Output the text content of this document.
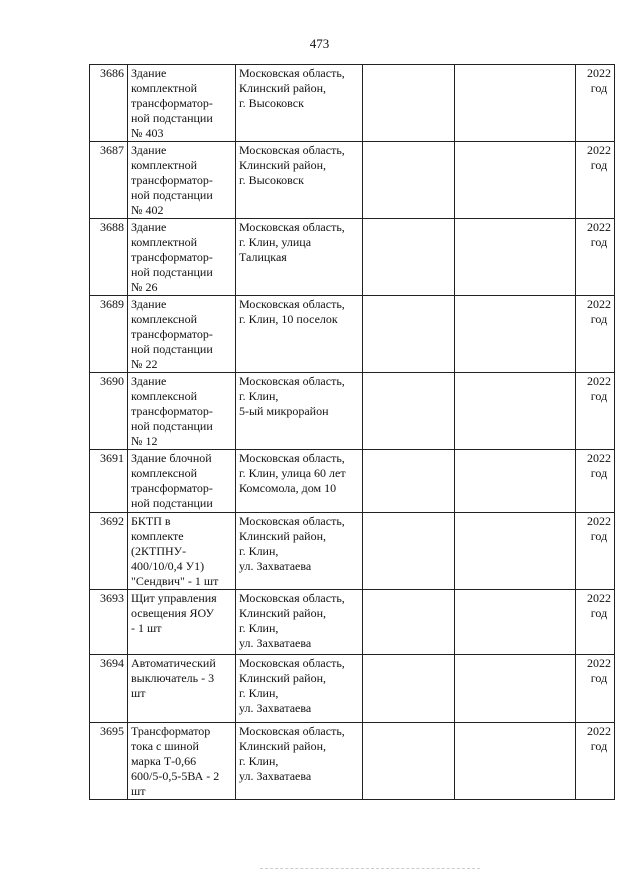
473
3686	Здание
комплектной
трансформатор-
ной подстанции
№ 403	Московская область,
Клинский район,
г. Высоковск			2022
год
3687	Здание
комплектной
трансформатор-
ной подстанции
№ 402	Московская область,
Клинский район,
г. Высоковск			2022
год
3688	Здание
комплектной
трансформатор-
ной подстанции
№ 26	Московская область,
г. Клин, улица
Талицкая			2022
год
3689	Здание
комплексной
трансформатор-
ной подстанции
№ 22	Московская область,
г. Клин, 10 поселок			2022
год
3690	Здание
комплексной
трансформатор-
ной подстанции
№ 12	Московская область,
г. Клин,
5-ый микрорайон			2022
год
3691	Здание блочной
комплексной
трансформатор-
ной подстанции	Московская область,
г. Клин, улица 60 лет
Комсомола, дом 10			2022
год
3692	БКТП в
комплекте
(2КТПНУ-
400/10/0,4 У1)
"Сендвич" - 1 шт	Московская область,
Клинский район,
г. Клин,
ул. Захватаева			2022
год
3693	Щит управления
освещения ЯОУ
- 1 шт	Московская область,
Клинский район,
г. Клин,
ул. Захватаева			2022
год
3694	Автоматический
выключатель - 3
шт	Московская область,
Клинский район,
г. Клин,
ул. Захватаева			2022
год
3695	Трансформатор
тока с шиной
марка Т-0,66
600/5-0,5-5ВА - 2
шт	Московская область,
Клинский район,
г. Клин,
ул. Захватаева			2022
год
